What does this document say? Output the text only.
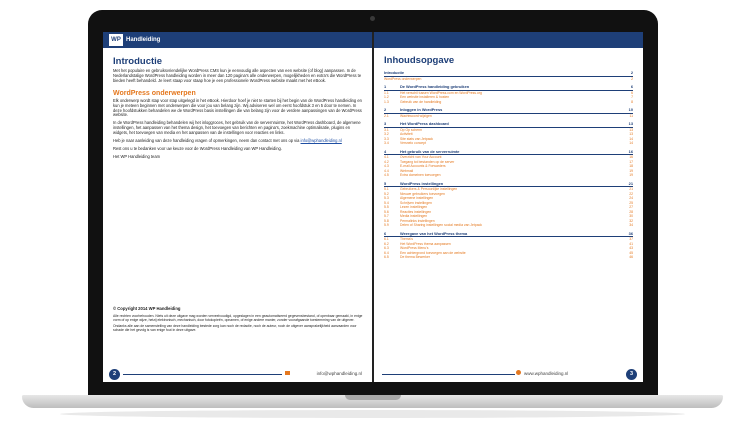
WP Handleiding
Introductie

Met het populaire en gebruiksvriendelijke WordPress CMS kun je eenvoudig alle aspecten van een website (of blog) aanpassen. In de Nederlandstalige WordPress handleiding worden in meer dan 120 pagina's alle onderwerpen, mogelijkheden en extra's die WordPress te bieden heeft behandeld. Je leert staap voor staap hoe je een professionele WordPress website maakt met het eBook.

WordPress onderwerpen

Elk onderwerp wordt stap voor stap uitgelegd in het eBook. Hierdoor hoef je niet te starten bij het begin van de WordPress handleiding en kun je meteen beginnen met onderwerpen die voor jou van belang zijn. Wij adviseren wel om eerst hoofdstuk 3 en 5 door te nemen. In deze hoofdstukken behandelen we de WordPress basis instellingen die van belang zijn voor de verdere aanpassingen van de WordPress website.

In de WordPress handleiding behandelen wij het inloggroces, het gebruik van de servernruimte, het WordPress dashboard, de algemene instellingen, het aanpassen van het thema design, het toevoegen van berichten en pagina's, zoekmachine optimalisatie, plugins en widgets, het toevoegen van media en het aanpassen van de instellingen voor reacties en links.

Heb je naar aanleiding van deze handleiding vragen of opmerkingen, neem dan contact met ons op via info@wphandleiding.nl

Rest ons u te bedanken voor uw keuze voor de WordPress Handleiding van WP Handleiding.

Het WP Handleiding team

© Copyright 2014 WP Handleiding

Alle rechten voorbehouden. Niets uit deze uitgave mag worden verveelvoudigd, opgeslagen in een geautomatiseerd gegevensbestand, of openbaar gemaakt, in enige vorm of op enige wijze, hetzij elektronisch, mechanisch, door fotokopieën, opnamen, of enige andere manier, zonder voorafgaande toestemming van de uitgever.

Ondanks alle aan de samenstelling van deze handleiding bestede zorg kan noch de redactie, noch de auteur, noch de uitgever aansprakelijkheid aanvaarden voor schade die het gevolg is van enige fout in deze uitgave.

2	info@wphandleiding.nl
Inhoudsopgave
Introductie	2
WordPress onderwerpen	2
1	De WordPress handleiding gebruiken	6
1.1	Het verschil tussen WordPress.com en WordPress.org	6
1.2	Een website installeren & hosten	7
1.3	Gebruik van de handleiding	8
2	Inloggen in WordPress	10
2.1	Wachtwoord wijzigen	11
3	Het WordPress dashboard	13
3.1	Op Op scherm	13
3.2	Activiteit	13
3.3	Site stats van Jetpack	14
3.4	Versnelo concept	14
4	Het gebruik van de serverruimte	16
4.1	Overzicht van Your Account	16
4.2	Toegang tot bestanden op de server	17
4.3	E-mail Accounts & Forwarders	18
4.4	Webmail	19
4.5	Extra domeinen toevoegen	19
5	WordPress instellingen	21
5.1	Gebruikers & Persoonlijke instellingen	21
5.2	Nieuwe gebruikers toevoegen	22
5.3	Algemene instellingen	24
5.4	Schrijven instellingen	25
5.5	Lezen instellingen	27
5.6	Reacties instellingen	28
5.7	Media instellingen	30
5.8	Permalinks instellingen	32
5.9	Delen of Sharing instellingen social media van Jetpack	34
6	Weergave van het WordPress thema	36
6.1	Thema's	37
6.2	Het WordPress thema aanpassen	41
6.3	WordPress Menu's	43
6.4	Een achtergrond toevoegen aan de website	45
6.5	De thema Bewerker	46
www.wphandleiding.nl	3
